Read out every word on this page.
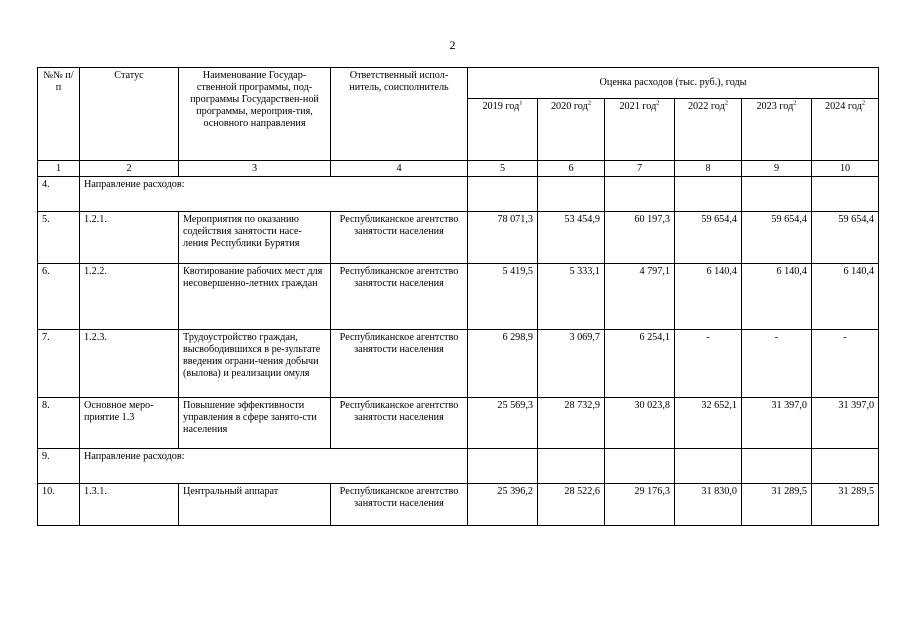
2
№№ п/п	Статус	Наименование Государ-ственной программы, под-программы Государствен-ной программы, мероприя-тия, основного направления	Ответственный испол-нитель, соисполнитель	Оценка расходов (тыс. руб.), годы					
				2019 год$^1$	2020 год$^2$	2021 год$^2$	2022 год$^2$	2023 год$^2$	2024 год$^2$
1	2	3	4	5	6	7	8	9	10
4.	Направление расходов:								
5.	1.2.1.	Мероприятия по оказанию содействия занятости насе-ления Республики Бурятия	Республиканское агентство занятости населения	78 071,3	53 454,9	60 197,3	59 654,4	59 654,4	59 654,4
6.	1.2.2.	Квотирование рабочих мест для несовершенно-летних граждан	Республиканское агентство занятости населения	5 419,5	5 333,1	4 797,1	6 140,4	6 140,4	6 140,4
7.	1.2.3.	Трудоустройство граждан, высвободившихся в ре-зультате введения ограни-чения добычи (вылова) и реализации омуля	Республиканское агентство занятости населения	6 298,9	3 069,7	6 254,1	-	-	-
8.	Основное меро-приятие 1.3	Повышение эффективности управления в сфере занято-сти населения	Республиканское агентство занятости населения	25 569,3	28 732,9	30 023,8	32 652,1	31 397,0	31 397,0
9.	Направление расходов:								
10.	1.3.1.	Центральный аппарат	Республиканское агентство занятости населения	25 396,2	28 522,6	29 176,3	31 830,0	31 289,5	31 289,5
